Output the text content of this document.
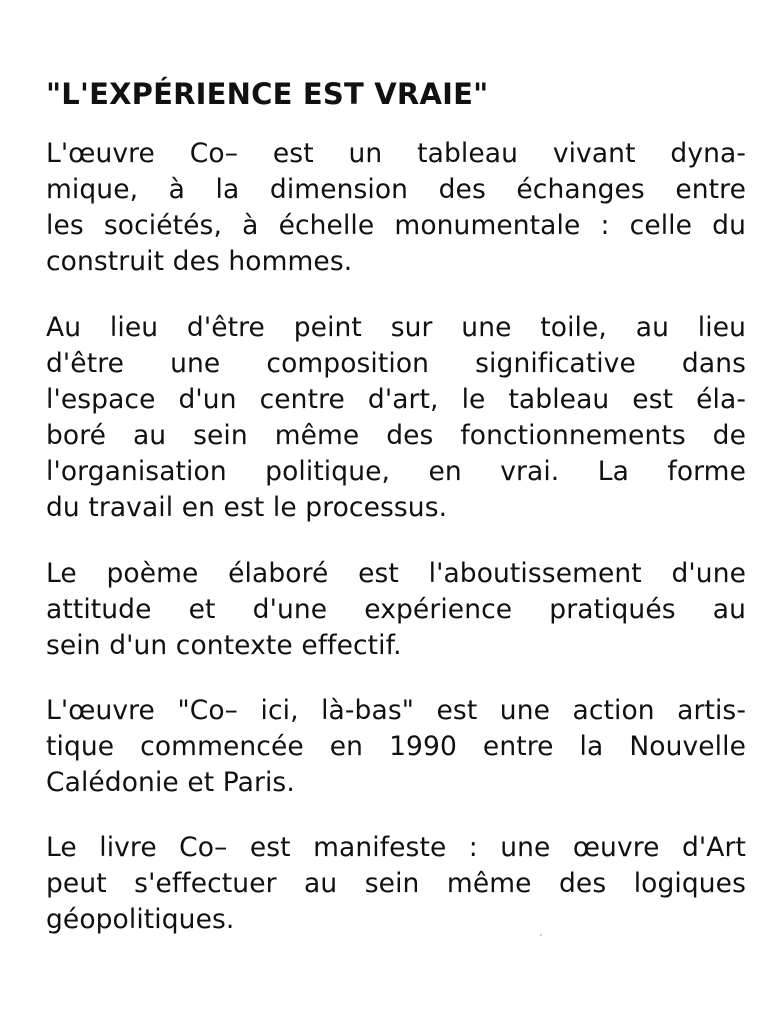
"L'EXPÉRIENCE EST VRAIE"
L'œuvre Co– est un tableau vivant dyna-
mique, à la dimension des échanges entre
les sociétés, à échelle monumentale : celle du
construit des hommes.
Au lieu d'être peint sur une toile, au lieu
d'être une composition significative dans
l'espace d'un centre d'art, le tableau est éla-
boré au sein même des fonctionnements de
l'organisation politique, en vrai. La forme
du travail en est le processus.
Le poème élaboré est l'aboutissement d'une
attitude et d'une expérience pratiqués au
sein d'un contexte effectif.
L'œuvre "Co– ici, là-bas" est une action artis-
tique commencée en 1990 entre la Nouvelle
Calédonie et Paris.
Le livre Co– est manifeste : une œuvre d'Art
peut s'effectuer au sein même des logiques
géopolitiques.
